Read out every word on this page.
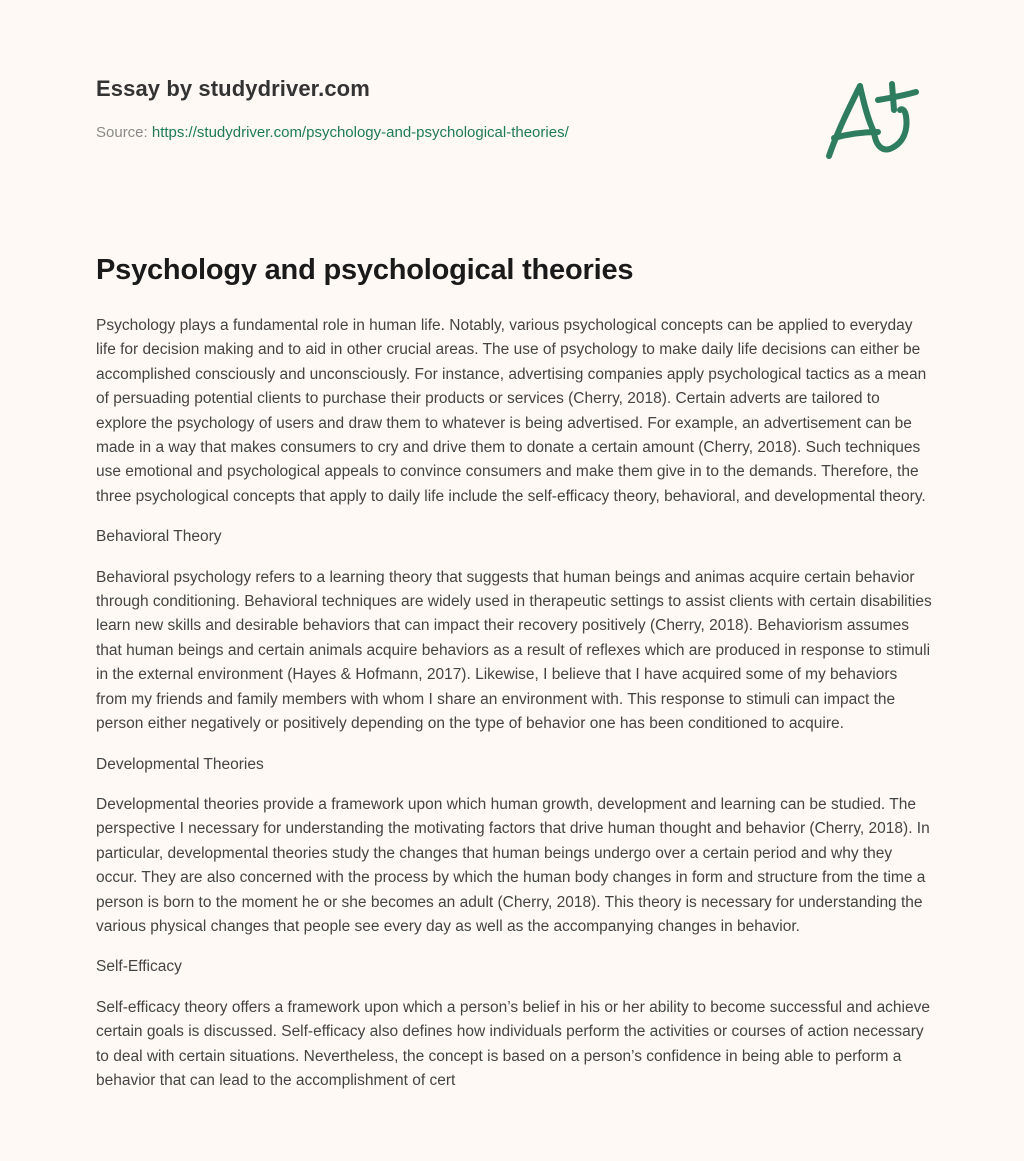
Essay by studydriver.com
Source: https://studydriver.com/psychology-and-psychological-theories/
Psychology and psychological theories

Psychology plays a fundamental role in human life. Notably, various psychological concepts can be applied to everyday life for decision making and to aid in other crucial areas. The use of psychology to make daily life decisions can either be accomplished consciously and unconsciously. For instance, advertising companies apply psychological tactics as a mean of persuading potential clients to purchase their products or services (Cherry, 2018). Certain adverts are tailored to explore the psychology of users and draw them to whatever is being advertised. For example, an advertisement can be made in a way that makes consumers to cry and drive them to donate a certain amount (Cherry, 2018). Such techniques use emotional and psychological appeals to convince consumers and make them give in to the demands. Therefore, the three psychological concepts that apply to daily life include the self-efficacy theory, behavioral, and developmental theory.

Behavioral Theory

Behavioral psychology refers to a learning theory that suggests that human beings and animas acquire certain behavior through conditioning. Behavioral techniques are widely used in therapeutic settings to assist clients with certain disabilities learn new skills and desirable behaviors that can impact their recovery positively (Cherry, 2018). Behaviorism assumes that human beings and certain animals acquire behaviors as a result of reflexes which are produced in response to stimuli in the external environment (Hayes & Hofmann, 2017). Likewise, I believe that I have acquired some of my behaviors from my friends and family members with whom I share an environment with. This response to stimuli can impact the person either negatively or positively depending on the type of behavior one has been conditioned to acquire.

Developmental Theories

Developmental theories provide a framework upon which human growth, development and learning can be studied. The perspective I necessary for understanding the motivating factors that drive human thought and behavior (Cherry, 2018). In particular, developmental theories study the changes that human beings undergo over a certain period and why they occur. They are also concerned with the process by which the human body changes in form and structure from the time a person is born to the moment he or she becomes an adult (Cherry, 2018). This theory is necessary for understanding the various physical changes that people see every day as well as the accompanying changes in behavior.

Self-Efficacy

Self-efficacy theory offers a framework upon which a person’s belief in his or her ability to become successful and achieve certain goals is discussed. Self-efficacy also defines how individuals perform the activities or courses of action necessary to deal with certain situations. Nevertheless, the concept is based on a person’s confidence in being able to perform a behavior that can lead to the accomplishment of cert
